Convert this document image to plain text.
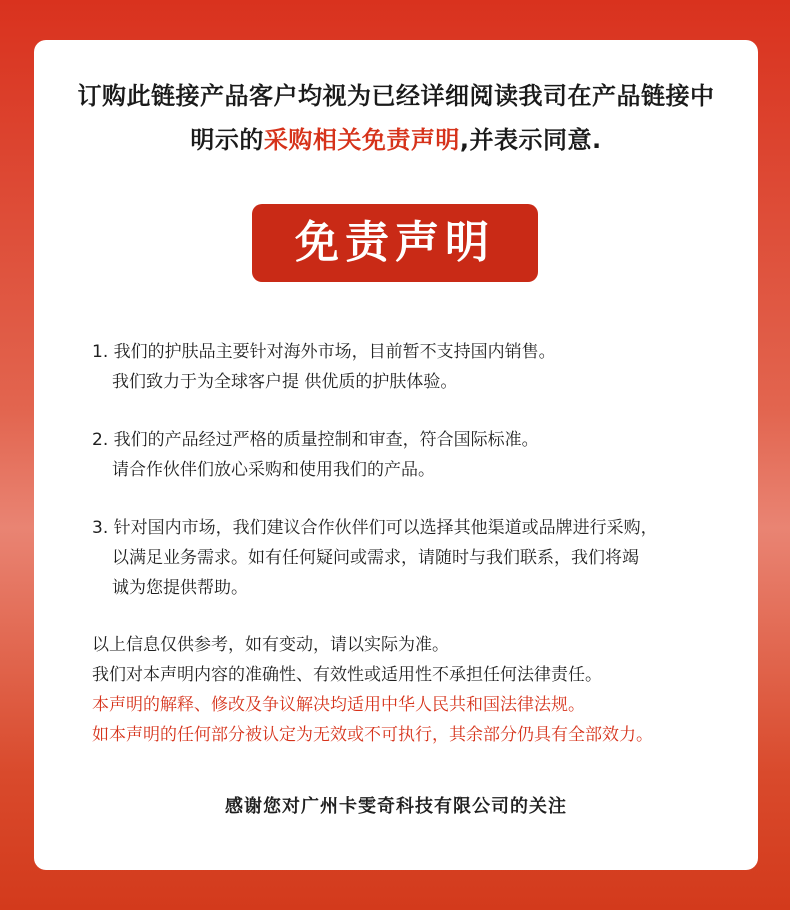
订购此链接产品客户均视为已经详细阅读我司在产品链接中
明示的采购相关免责声明,并表示同意.
免责声明
1. 我们的护肤品主要针对海外市场，目前暂不支持国内销售。
我们致力于为全球客户提 供优质的护肤体验。
2. 我们的产品经过严格的质量控制和审查，符合国际标准。
请合作伙伴们放心采购和使用我们的产品。
3. 针对国内市场，我们建议合作伙伴们可以选择其他渠道或品牌进行采购，
以满足业务需求。如有任何疑问或需求，请随时与我们联系，我们将竭
诚为您提供帮助。
以上信息仅供参考，如有变动，请以实际为准。
我们对本声明内容的准确性、有效性或适用性不承担任何法律责任。
本声明的解释、修改及争议解决均适用中华人民共和国法律法规。
如本声明的任何部分被认定为无效或不可执行，其余部分仍具有全部效力。
感谢您对广州卡雯奇科技有限公司的关注
